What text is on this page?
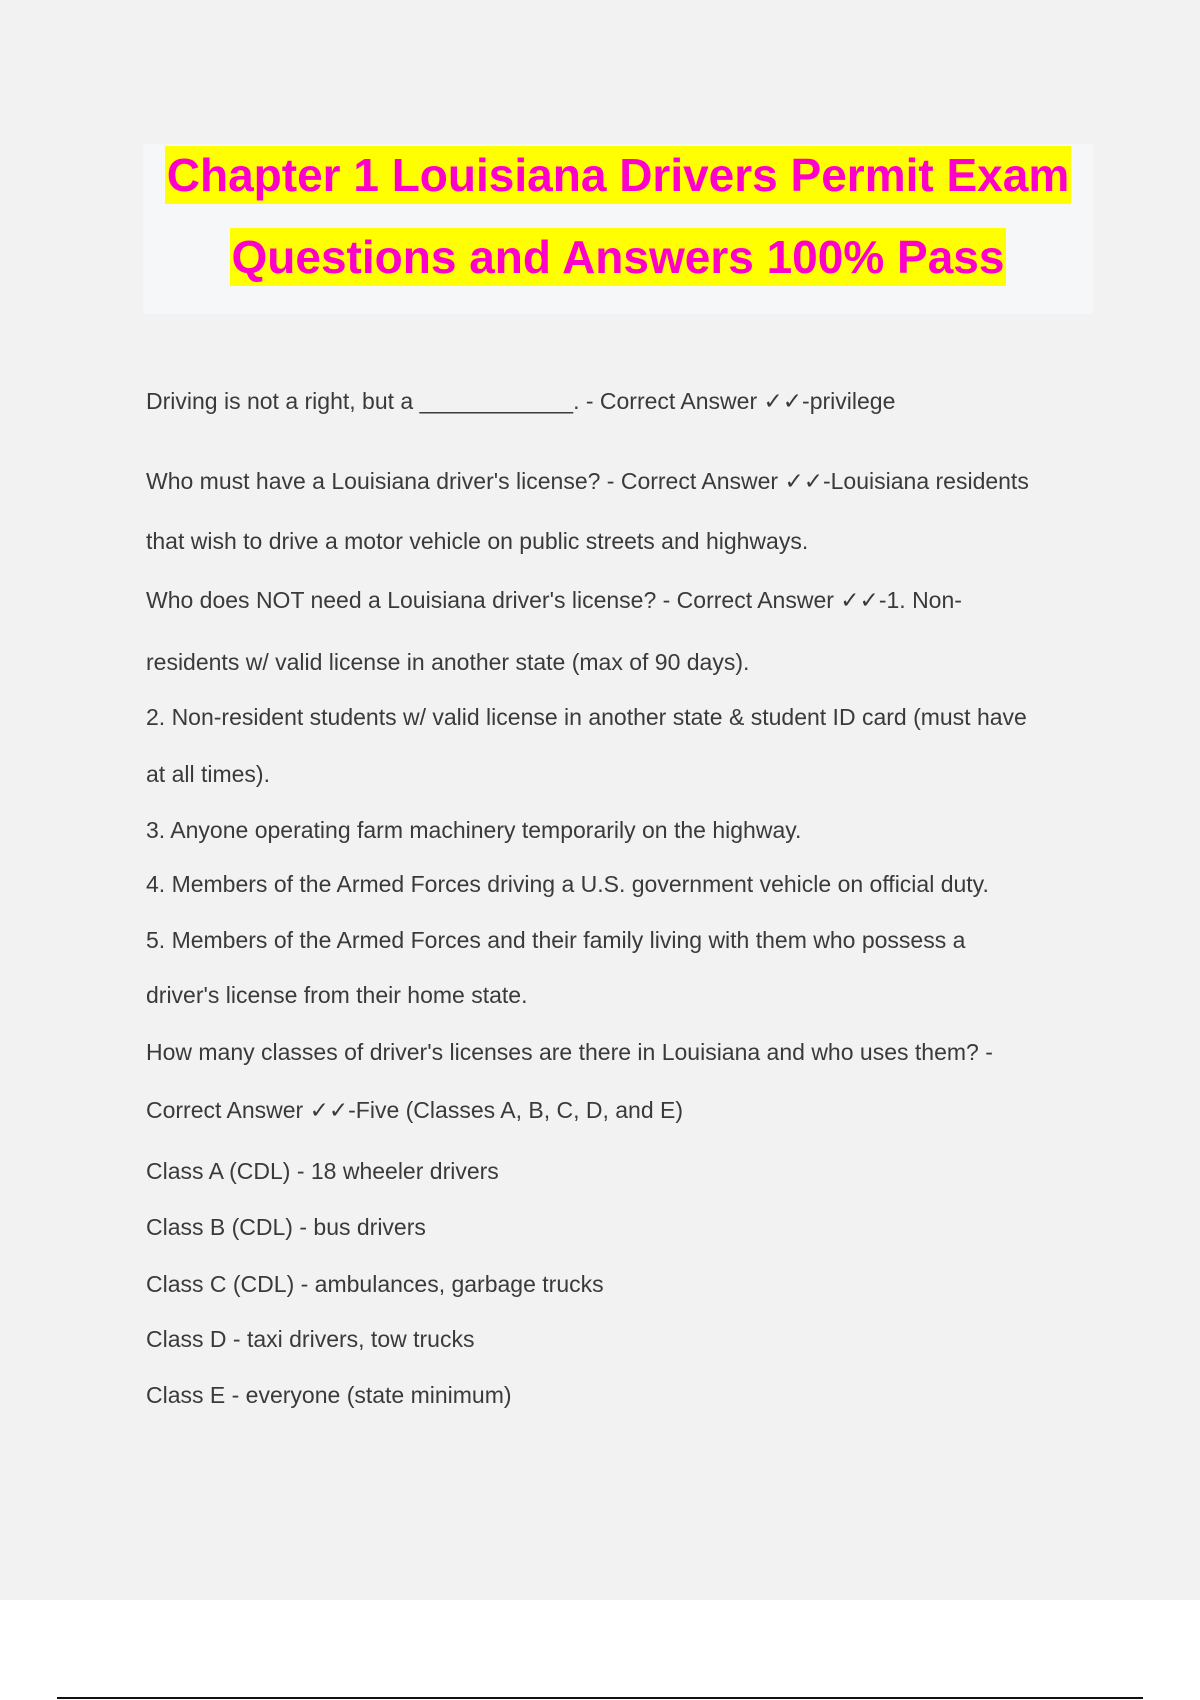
Chapter 1 Louisiana Drivers Permit Exam
Questions and Answers 100% Pass
Driving is not a right, but a ____________. - Correct Answer ✓✓-privilege
Who must have a Louisiana driver's license? - Correct Answer ✓✓-Louisiana residents
that wish to drive a motor vehicle on public streets and highways.
Who does NOT need a Louisiana driver's license? - Correct Answer ✓✓-1. Non-
residents w/ valid license in another state (max of 90 days).
2. Non-resident students w/ valid license in another state & student ID card (must have
at all times).
3. Anyone operating farm machinery temporarily on the highway.
4. Members of the Armed Forces driving a U.S. government vehicle on official duty.
5. Members of the Armed Forces and their family living with them who possess a
driver's license from their home state.
How many classes of driver's licenses are there in Louisiana and who uses them? -
Correct Answer ✓✓-Five (Classes A, B, C, D, and E)
Class A (CDL) - 18 wheeler drivers
Class B (CDL) - bus drivers
Class C (CDL) - ambulances, garbage trucks
Class D - taxi drivers, tow trucks
Class E - everyone (state minimum)
